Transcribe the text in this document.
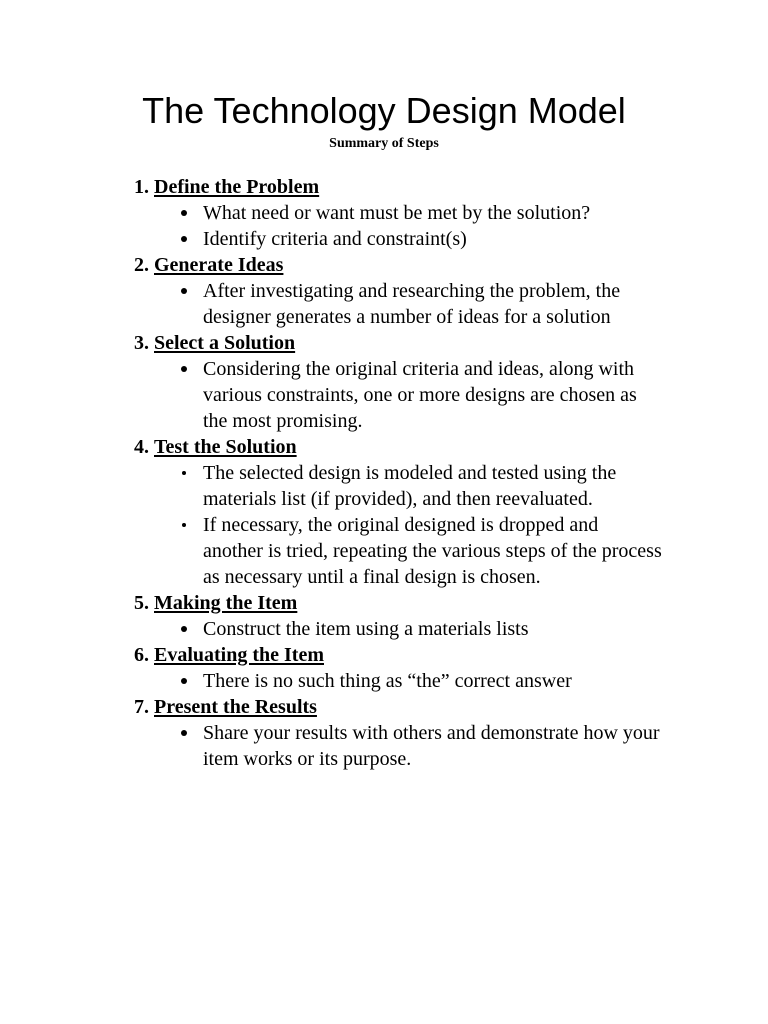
The Technology Design Model

Summary of Steps

1. Define the Problem
What need or want must be met by the solution?
Identify criteria and constraint(s)
2. Generate Ideas
After investigating and researching the problem, the designer generates a number of ideas for a solution
3. Select a Solution
Considering the original criteria and ideas, along with various constraints, one or more designs are chosen as the most promising.
4. Test the Solution
The selected design is modeled and tested using the materials list (if provided), and then reevaluated.
If necessary, the original designed is dropped and another is tried, repeating the various steps of the process as necessary until a final design is chosen.
5. Making the Item
Construct the item using a materials lists
6. Evaluating the Item
There is no such thing as “the” correct answer
7. Present the Results
Share your results with others and demonstrate how your item works or its purpose.
